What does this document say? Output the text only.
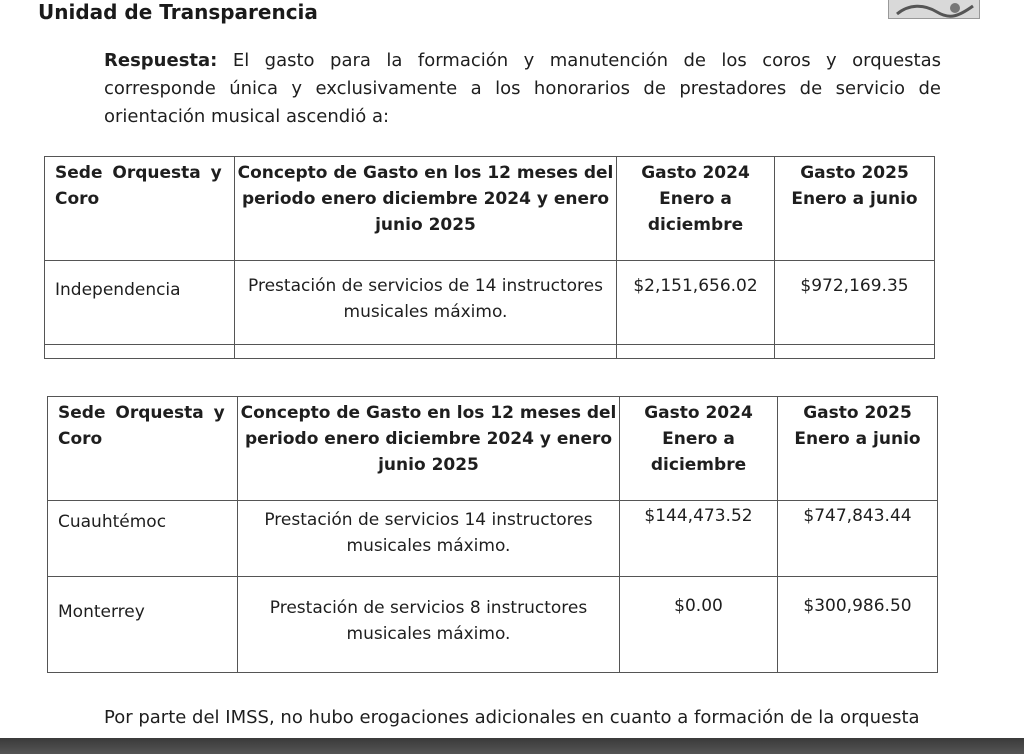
Unidad de Transparencia
Respuesta: El gasto para la formación y manutención de los coros y orquestas corresponde única y exclusivamente a los honorarios de prestadores de servicio de orientación musical ascendió a:
Sede Orquesta y Coro	Concepto de Gasto en los 12 meses del periodo enero diciembre 2024 y enero junio 2025	Gasto 2024 Enero a diciembre	Gasto 2025 Enero a junio
Independencia	Prestación de servicios de 14 instructores musicales máximo.	$2,151,656.02	$972,169.35

Sede Orquesta y Coro	Concepto de Gasto en los 12 meses del periodo enero diciembre 2024 y enero junio 2025	Gasto 2024 Enero a diciembre	Gasto 2025 Enero a junio
Cuauhtémoc	Prestación de servicios 14 instructores musicales máximo.	$144,473.52	$747,843.44
Monterrey	Prestación de servicios 8 instructores musicales máximo.	$0.00	$300,986.50
Por parte del IMSS, no hubo erogaciones adicionales en cuanto a formación de la orquesta
